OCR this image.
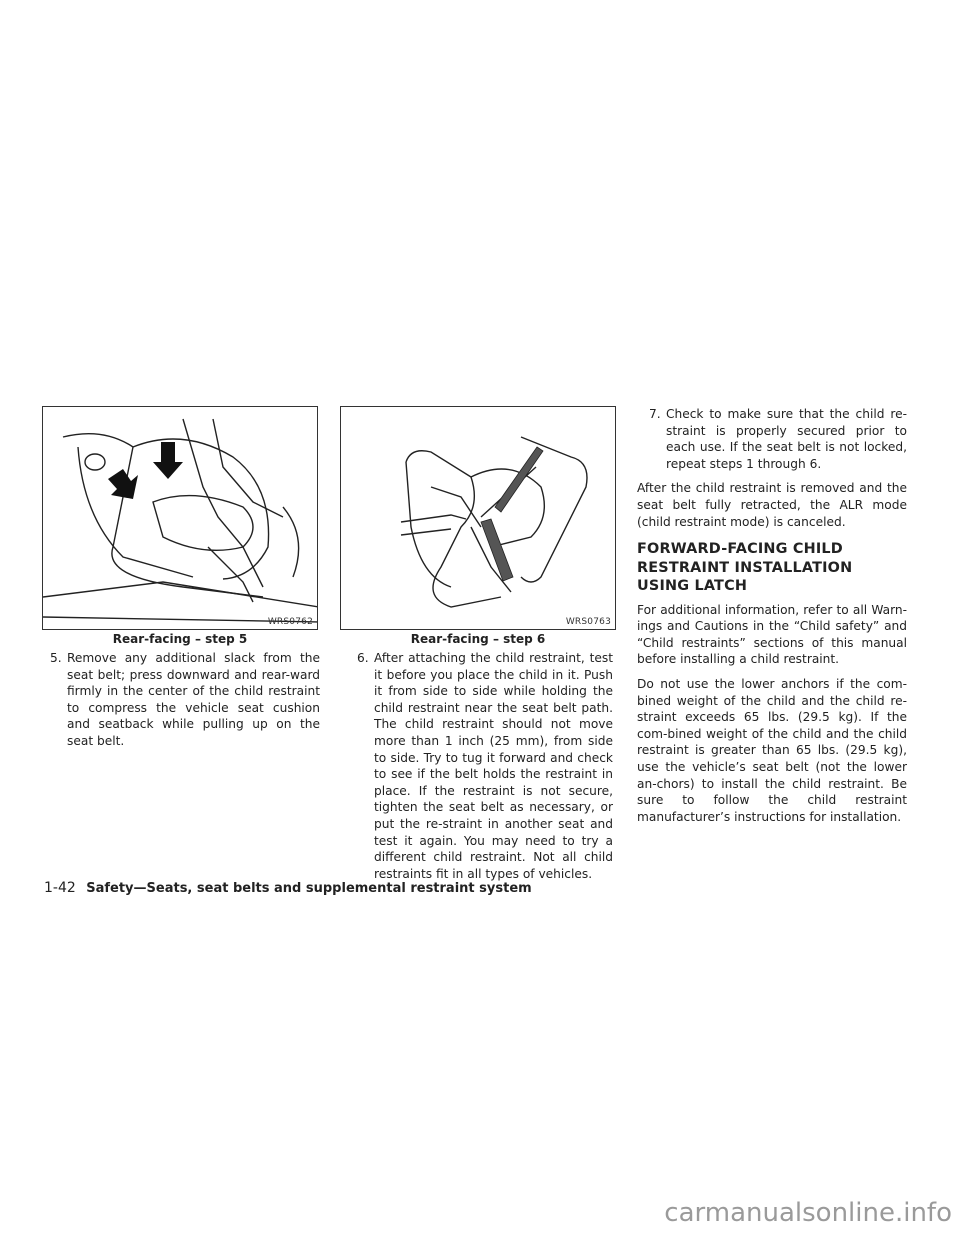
WRS0762
Rear-facing – step 5
WRS0763
Rear-facing – step 6
5. Remove any additional slack from the seat belt; press downward and rear-ward firmly in the center of the child restraint to compress the vehicle seat cushion and seatback while pulling up on the seat belt.
6. After attaching the child restraint, test it before you place the child in it. Push it from side to side while holding the child restraint near the seat belt path. The child restraint should not move more than 1 inch (25 mm), from side to side. Try to tug it forward and check to see if the belt holds the restraint in place. If the restraint is not secure, tighten the seat belt as necessary, or put the re-straint in another seat and test it again. You may need to try a different child restraint. Not all child restraints fit in all types of vehicles.
7. Check to make sure that the child re-straint is properly secured prior to each use. If the seat belt is not locked, repeat steps 1 through 6.

After the child restraint is removed and the seat belt fully retracted, the ALR mode (child restraint mode) is canceled.

FORWARD-FACING CHILD RESTRAINT INSTALLATION USING LATCH

For additional information, refer to all Warn-ings and Cautions in the “Child safety” and “Child restraints” sections of this manual before installing a child restraint.

Do not use the lower anchors if the com-bined weight of the child and the child re-straint exceeds 65 lbs. (29.5 kg). If the com-bined weight of the child and the child restraint is greater than 65 lbs. (29.5 kg), use the vehicle’s seat belt (not the lower an-chors) to install the child restraint. Be sure to follow the child restraint manufacturer’s instructions for installation.

1-42 Safety—Seats, seat belts and supplemental restraint system
carmanualsonline.info
